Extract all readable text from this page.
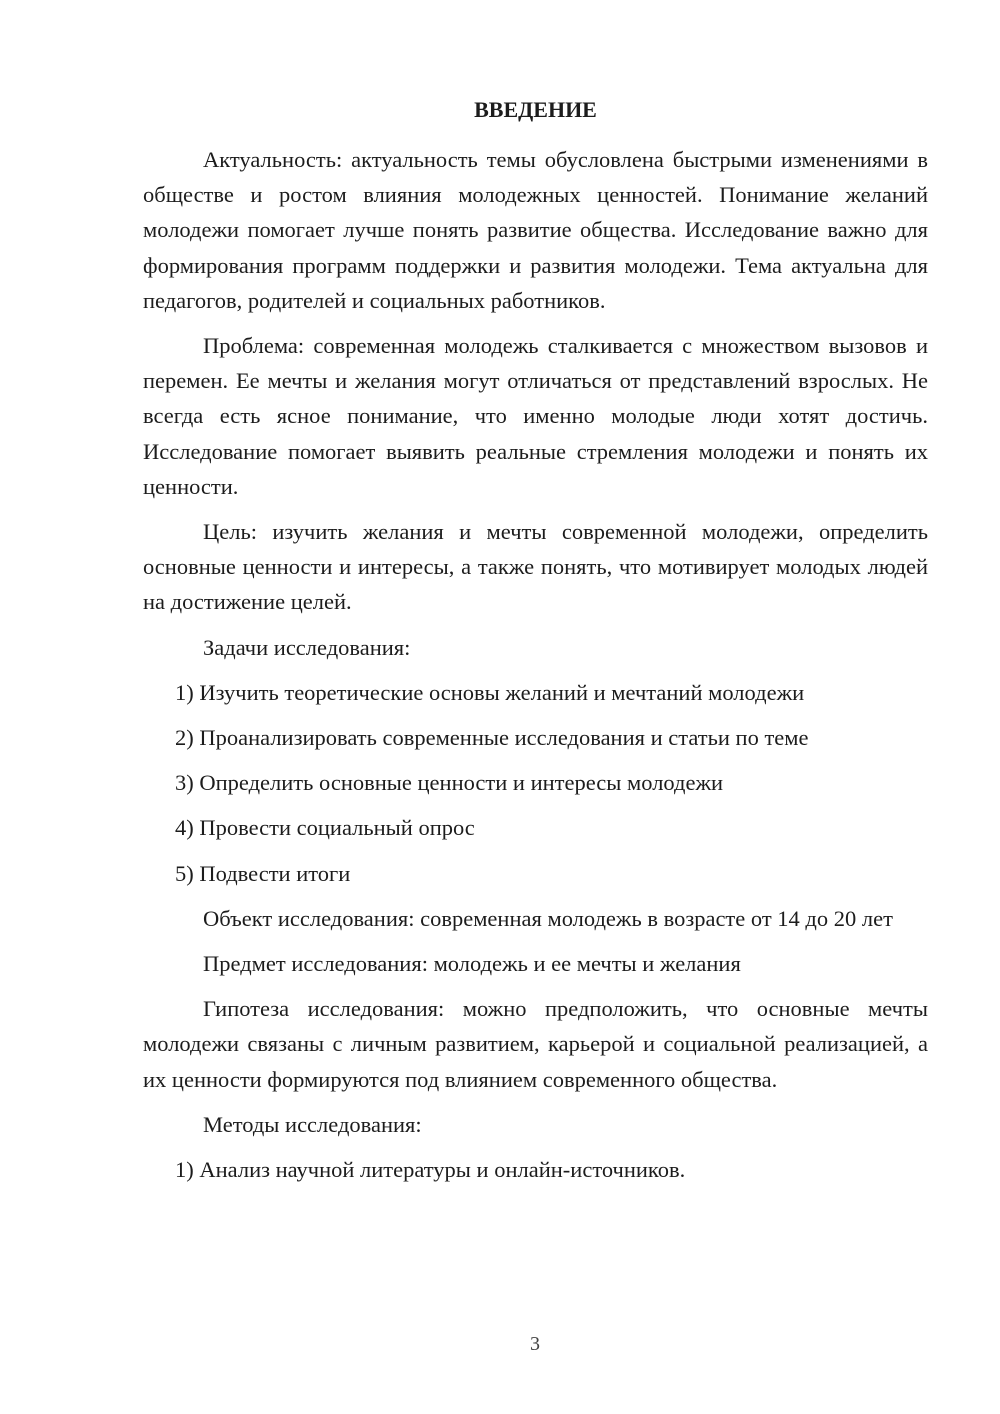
ВВЕДЕНИЕ

Актуальность: актуальность темы обусловлена быстрыми изменениями в обществе и ростом влияния молодежных ценностей. Понимание желаний молодежи помогает лучше понять развитие общества. Исследование важно для формирования программ поддержки и развития молодежи. Тема актуальна для педагогов, родителей и социальных работников.

Проблема: современная молодежь сталкивается с множеством вызовов и перемен. Ее мечты и желания могут отличаться от представлений взрослых. Не всегда есть ясное понимание, что именно молодые люди хотят достичь. Исследование помогает выявить реальные стремления молодежи и понять их ценности.

Цель: изучить желания и мечты современной молодежи, определить основные ценности и интересы, а также понять, что мотивирует молодых людей на достижение целей.

Задачи исследования:

1) Изучить теоретические основы желаний и мечтаний молодежи

2) Проанализировать современные исследования и статьи по теме

3) Определить основные ценности и интересы молодежи

4) Провести социальный опрос

5) Подвести итоги

Объект исследования: современная молодежь в возрасте от 14 до 20 лет

Предмет исследования: молодежь и ее мечты и желания

Гипотеза исследования: можно предположить, что основные мечты молодежи связаны с личным развитием, карьерой и социальной реализацией, а их ценности формируются под влиянием современного общества.

Методы исследования:

1) Анализ научной литературы и онлайн-источников.

3
